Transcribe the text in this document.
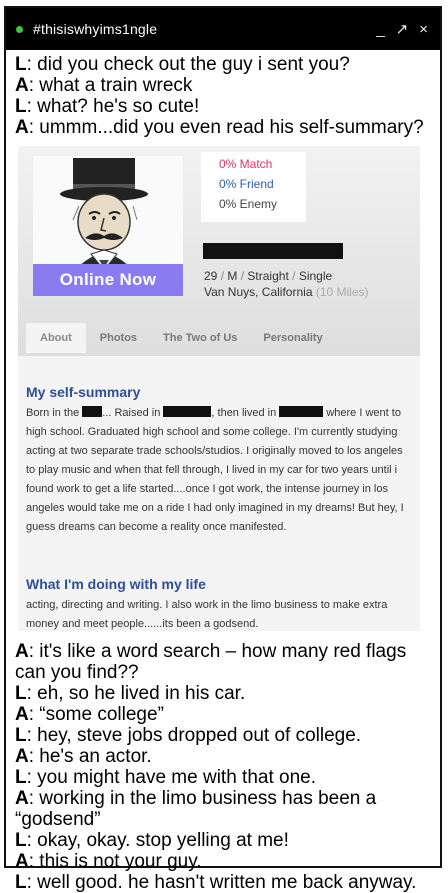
#thisiswhyims1ngle	_ ↗ ×
L: did you check out the guy i sent you?
A: what a train wreck
L: what? he's so cute!
A: ummm...did you even read his self-summary?
Online Now
0% Match
0% Friend
0% Enemy
29 / M / Straight / Single
Van Nuys, California (10 Miles)
About	Photos	The Two of Us	Personality
My self-summary
Born in the ... Raised in	, then lived in	where I went to high school. Graduated high school and some college. I'm currently studying acting at two separate trade schools/studios. I originally moved to los angeles to play music and when that fell through, I lived in my car for two years until i found work to get a life started....once I got work, the intense journey in los angeles would take me on a ride I had only imagined in my dreams! But hey, I guess dreams can become a reality once manifested.
What I'm doing with my life
acting, directing and writing. I also work in the limo business to make extra money and meet people......its been a godsend.
A: it's like a word search – how many red flags can you find??
L: eh, so he lived in his car.
A: “some college”
L: hey, steve jobs dropped out of college.
A: he's an actor.
L: you might have me with that one.
A: working in the limo business has been a “godsend”
L: okay, okay. stop yelling at me!
A: this is not your guy.
L: well good. he hasn't written me back anyway.
